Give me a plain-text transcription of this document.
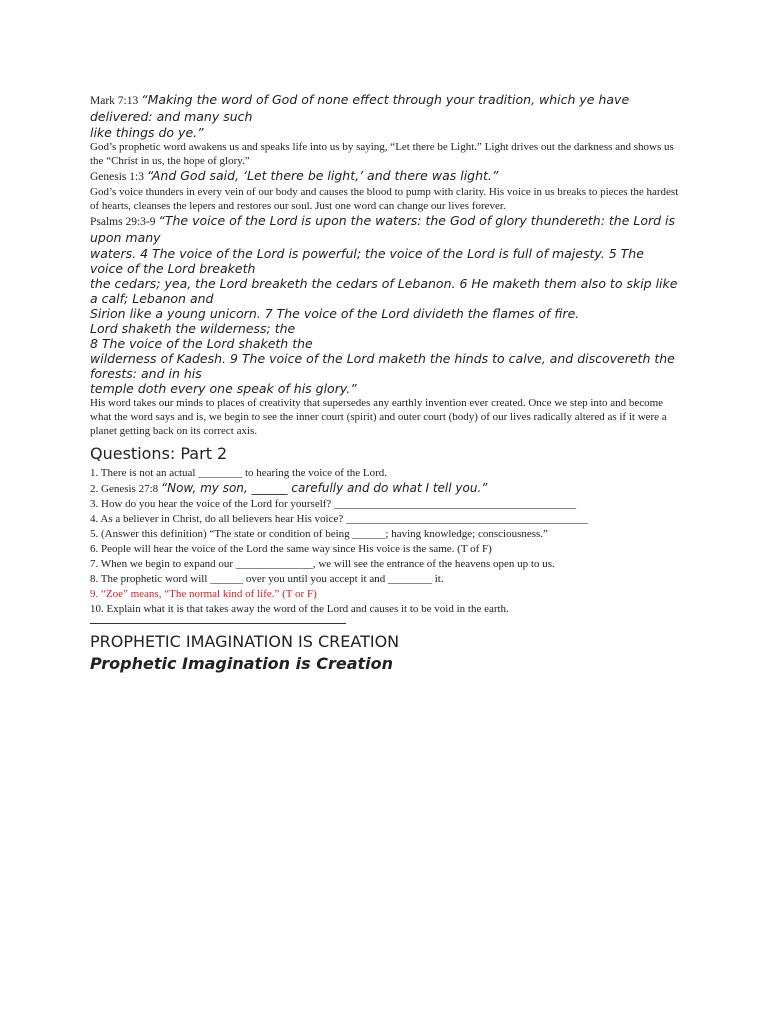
Mark 7:13 “Making the word of God of none effect through your tradition, which ye have delivered: and many such

like things do ye.”

God’s prophetic word awakens us and speaks life into us by saying, “Let there be Light.” Light drives out the darkness and shows us the “Christ in us, the hope of glory.”

Genesis 1:3 “And God said, ‘Let there be light,’ and there was light.”

God’s voice thunders in every vein of our body and causes the blood to pump with clarity. His voice in us breaks to pieces the hardest of hearts, cleanses the lepers and restores our soul. Just one word can change our lives forever.

Psalms 29:3-9 “The voice of the Lord is upon the waters: the God of glory thundereth: the Lord is upon many

waters. 4 The voice of the Lord is powerful; the voice of the Lord is full of majesty. 5 The voice of the Lord breaketh

the cedars; yea, the Lord breaketh the cedars of Lebanon. 6 He maketh them also to skip like a calf; Lebanon and

Sirion like a young unicorn. 7 The voice of the Lord divideth the flames of fire.

Lord shaketh the wilderness; the

8 The voice of the Lord shaketh the

wilderness of Kadesh. 9 The voice of the Lord maketh the hinds to calve, and discovereth the forests: and in his

temple doth every one speak of his glory.”

His word takes our minds to places of creativity that supersedes any earthly invention ever created. Once we step into and become what the word says and is, we begin to see the inner court (spirit) and outer court (body) of our lives radically altered as if it were a planet getting back on its correct axis.

Questions: Part 2

1. There is not an actual ________ to hearing the voice of the Lord.

2. Genesis 27:8 “Now, my son, ______ carefully and do what I tell you.”

3. How do you hear the voice of the Lord for yourself? ____________________________________________

4. As a believer in Christ, do all believers hear His voice? ____________________________________________

5. (Answer this definition) “The state or condition of being ______; having knowledge; consciousness.”

6. People will hear the voice of the Lord the same way since His voice is the same. (T of F)

7. When we begin to expand our ______________, we will see the entrance of the heavens open up to us.

8. The prophetic word will ______ over you until you accept it and ________ it.

9. “Zoe” means, “The normal kind of life.” (T or F)

10. Explain what it is that takes away the word of the Lord and causes it to be void in the earth.

PROPHETIC IMAGINATION IS CREATION
Prophetic Imagination is Creation
